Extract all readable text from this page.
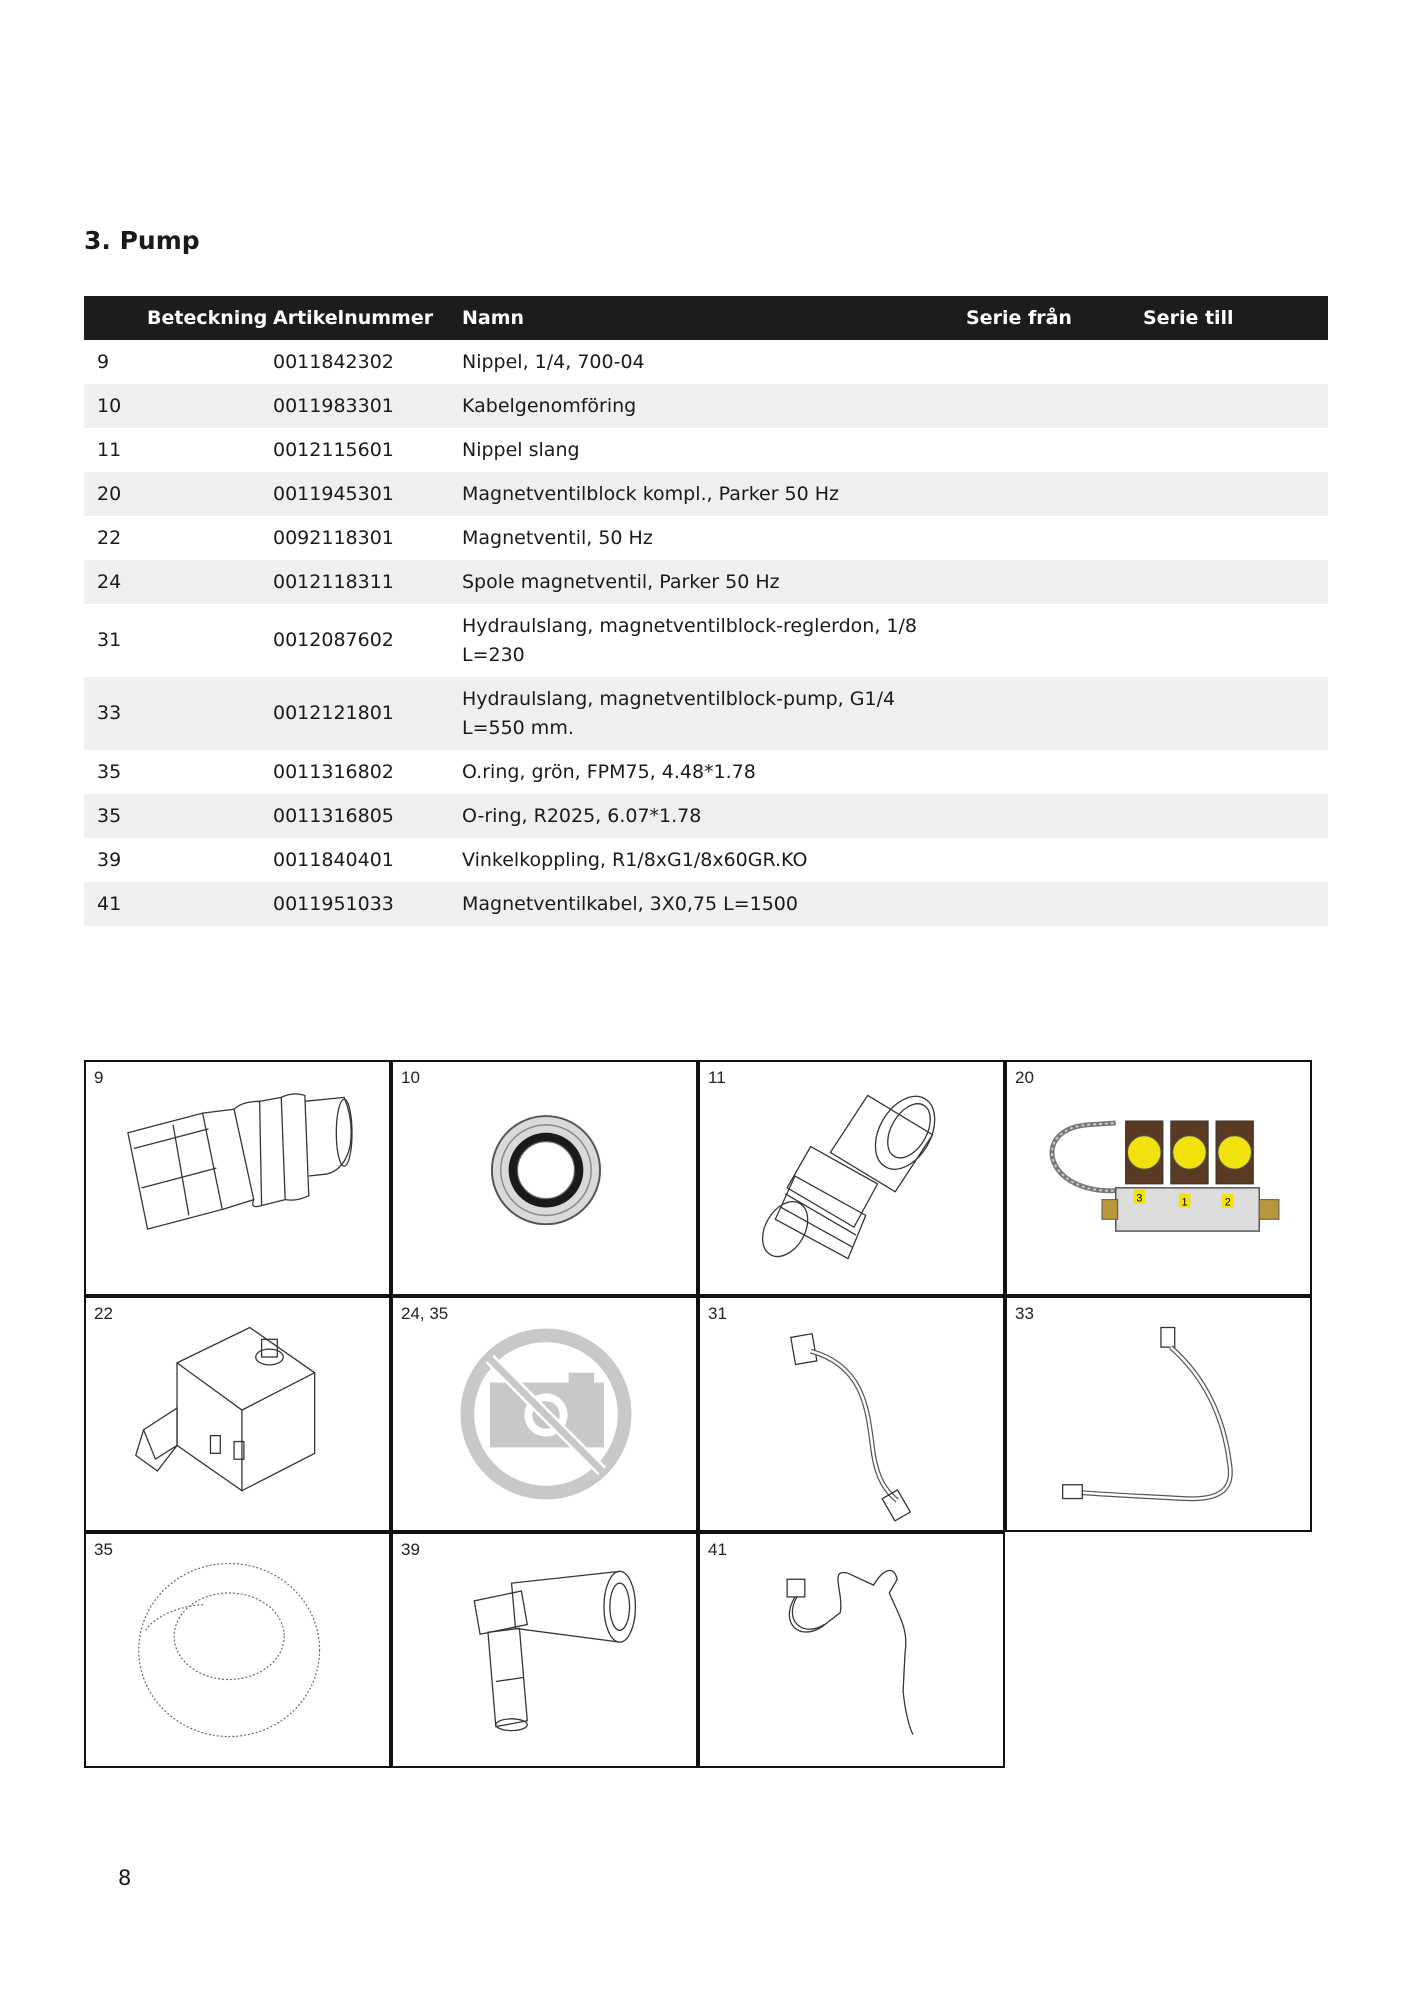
3. Pump
Beteckning	Artikelnummer	Namn	Serie från	Serie till
9	0011842302	Nippel, 1/4, 700-04		
10	0011983301	Kabelgenomföring		
11	0012115601	Nippel slang		
20	0011945301	Magnetventilblock kompl., Parker 50 Hz		
22	0092118301	Magnetventil, 50 Hz		
24	0012118311	Spole magnetventil, Parker 50 Hz		
31	0012087602	Hydraulslang, magnetventilblock-reglerdon, 1/8
L=230		
33	0012121801	Hydraulslang, magnetventilblock-pump, G1/4
L=550 mm.		
35	0011316802	O.ring, grön, FPM75, 4.48*1.78		
35	0011316805	O-ring, R2025, 6.07*1.78		
39	0011840401	Vinkelkoppling, R1/8xG1/8x60GR.KO		
41	0011951033	Magnetventilkabel, 3X0,75 L=1500		
9	10	11	20
3	1	2
22	24, 35	31	33
35	39	41
8
